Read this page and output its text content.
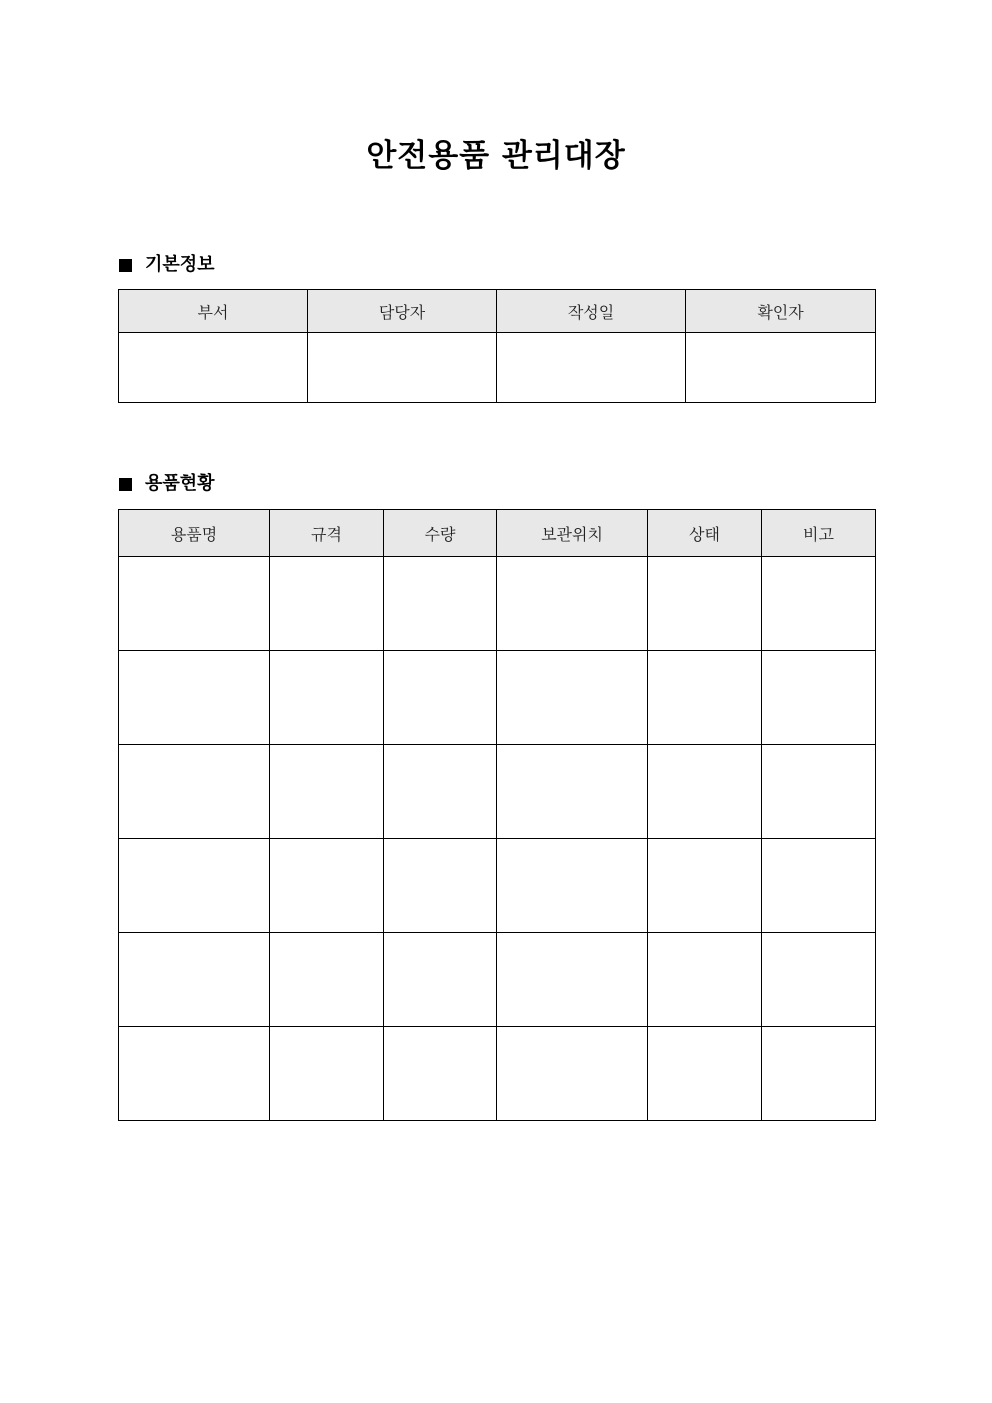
안전용품 관리대장
기본정보
부서	담당자	작성일	확인자

용품현황
용품명	규격	수량	보관위치	상태	비고
